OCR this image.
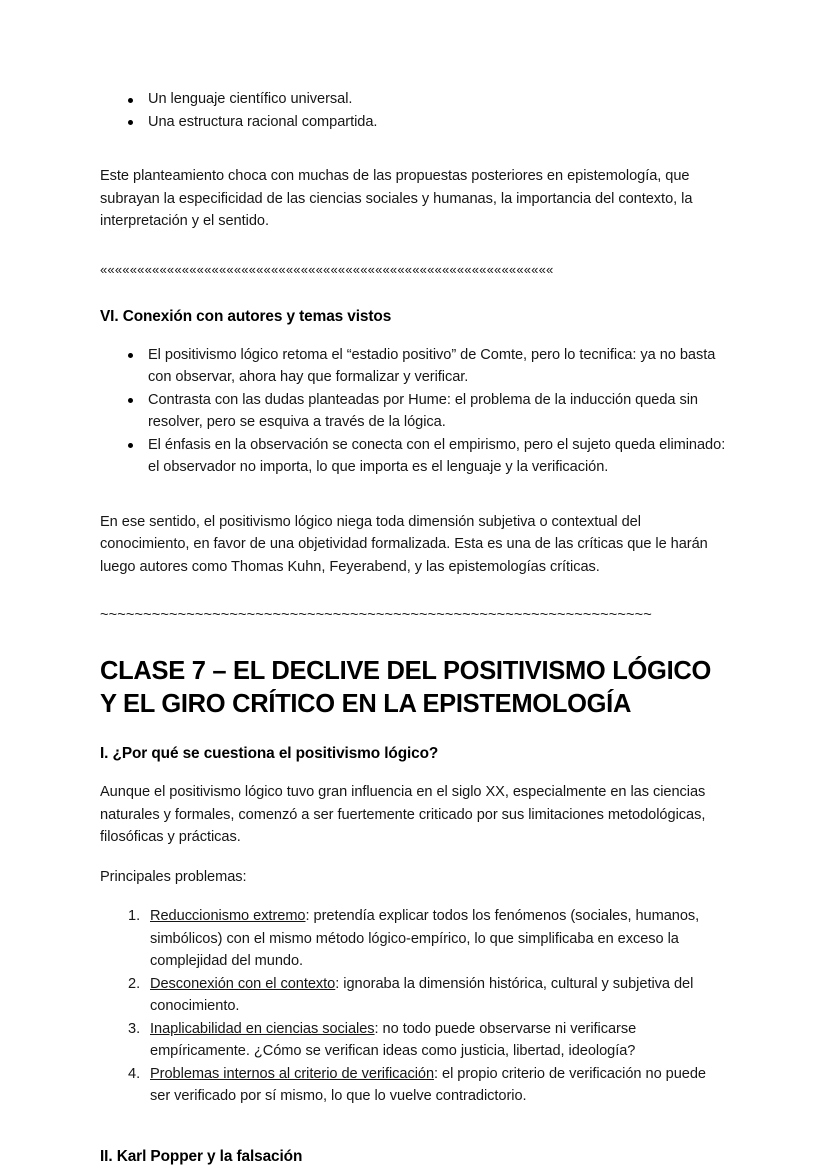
Un lenguaje científico universal.
Una estructura racional compartida.

Este planteamiento choca con muchas de las propuestas posteriores en epistemología, que subrayan la especificidad de las ciencias sociales y humanas, la importancia del contexto, la interpretación y el sentido.

«««««««««««««««««««««««««««««««««««««««««««««««««««««««««««««

VI. Conexión con autores y temas vistos
El positivismo lógico retoma el “estadio positivo” de Comte, pero lo tecnifica: ya no basta con observar, ahora hay que formalizar y verificar.
Contrasta con las dudas planteadas por Hume: el problema de la inducción queda sin resolver, pero se esquiva a través de la lógica.
El énfasis en la observación se conecta con el empirismo, pero el sujeto queda eliminado: el observador no importa, lo que importa es el lenguaje y la verificación.

En ese sentido, el positivismo lógico niega toda dimensión subjetiva o contextual del conocimiento, en favor de una objetividad formalizada. Esta es una de las críticas que le harán luego autores como Thomas Kuhn, Feyerabend, y las epistemologías críticas.

~~~~~~~~~~~~~~~~~~~~~~~~~~~~~~~~~~~~~~~~~~~~~~~~~~~~~~~~~~~~~~~~

CLASE 7 – EL DECLIVE DEL POSITIVISMO LÓGICO Y EL GIRO CRÍTICO EN LA EPISTEMOLOGÍA
I. ¿Por qué se cuestiona el positivismo lógico?

Aunque el positivismo lógico tuvo gran influencia en el siglo XX, especialmente en las ciencias naturales y formales, comenzó a ser fuertemente criticado por sus limitaciones metodológicas, filosóficas y prácticas.

Principales problemas:

Reduccionismo extremo: pretendía explicar todos los fenómenos (sociales, humanos, simbólicos) con el mismo método lógico-empírico, lo que simplificaba en exceso la complejidad del mundo.
Desconexión con el contexto: ignoraba la dimensión histórica, cultural y subjetiva del conocimiento.
Inaplicabilidad en ciencias sociales: no todo puede observarse ni verificarse empíricamente. ¿Cómo se verifican ideas como justicia, libertad, ideología?
Problemas internos al criterio de verificación: el propio criterio de verificación no puede ser verificado por sí mismo, lo que lo vuelve contradictorio.
II. Karl Popper y la falsación
